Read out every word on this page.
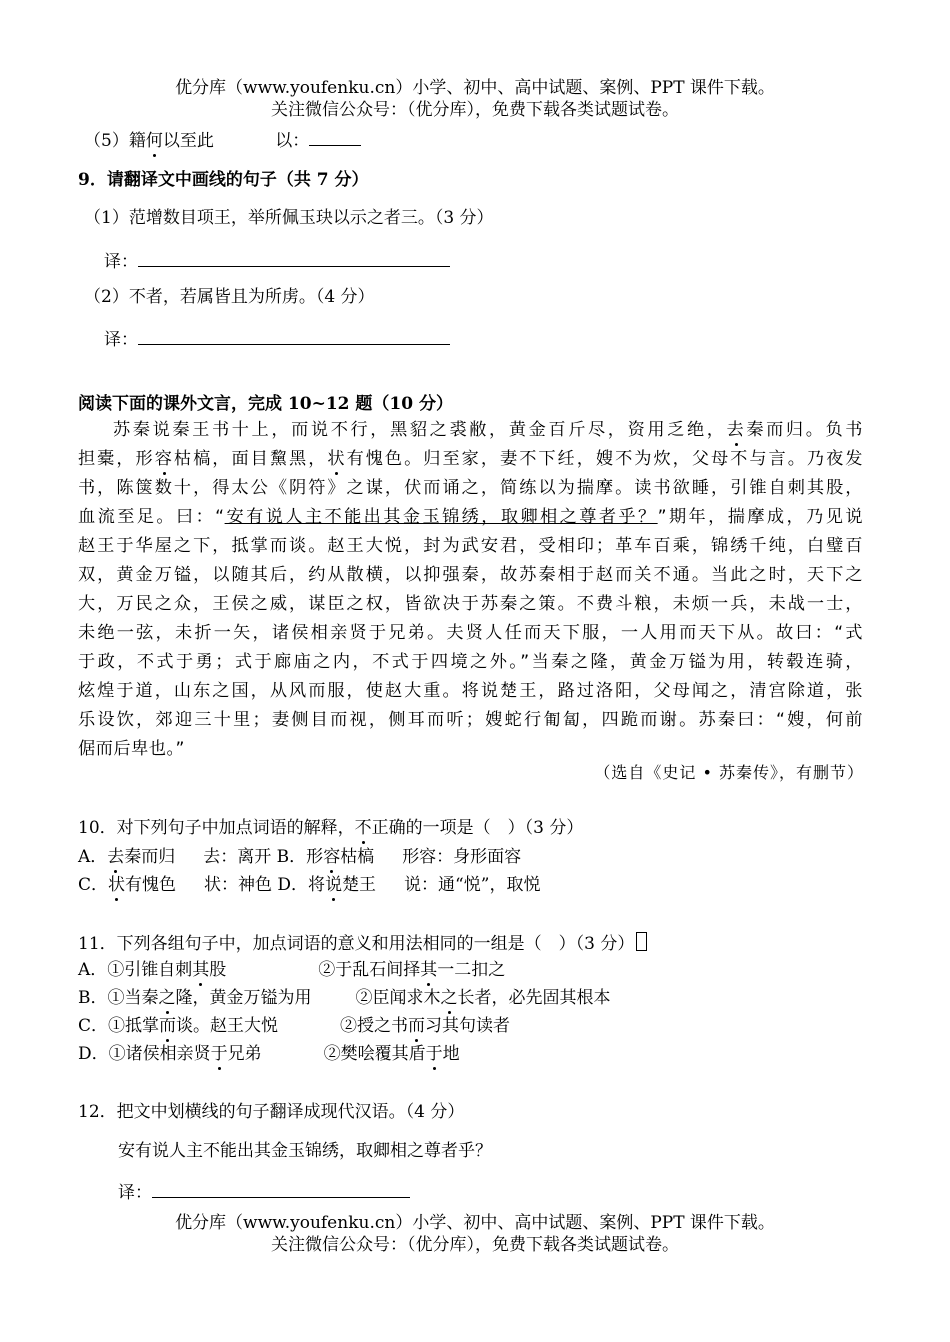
优分库（www.youfenku.cn）小学、初中、高中试题、案例、PPT 课件下载。
关注微信公众号：（优分库），免费下载各类试题试卷。
（5）籍何以至此	以：
9．请翻译文中画线的句子（共 7 分）
（1）范增数目项王，举所佩玉玦以示之者三。（3 分）
译：
（2）不者，若属皆且为所虏。（4 分）
译：
阅读下面的课外文言，完成 10~12 题（10 分）
苏秦说秦王书十上，而说不行，黑貂之裘敝，黄金百斤尽，资用乏绝，去秦而归。负书
担橐，形容枯槁，面目黧黑，状有愧色。归至家，妻不下纴，嫂不为炊，父母不与言。乃夜发
书，陈箧数十，得太公《阴符》之谋，伏而诵之，简练以为揣摩。读书欲睡，引锥自刺其股，
血流至足。曰：“安有说人主不能出其金玉锦绣，取卿相之尊者乎？”期年，揣摩成，乃见说
赵王于华屋之下，抵掌而谈。赵王大悦，封为武安君，受相印；革车百乘，锦绣千纯，白璧百
双，黄金万镒，以随其后，约从散横，以抑强秦，故苏秦相于赵而关不通。当此之时，天下之
大，万民之众，王侯之威，谋臣之权，皆欲决于苏秦之策。不费斗粮，未烦一兵，未战一士，
未绝一弦，未折一矢，诸侯相亲贤于兄弟。夫贤人任而天下服，一人用而天下从。故曰：“式
于政，不式于勇；式于廊庙之内，不式于四境之外。”当秦之隆，黄金万镒为用，转毂连骑，
炫煌于道，山东之国，从风而服，使赵大重。将说楚王，路过洛阳，父母闻之，清宫除道，张
乐设饮，郊迎三十里；妻侧目而视，侧耳而听；嫂蛇行匍匐，四跪而谢。苏秦曰：“嫂，何前
倨而后卑也。”
（选自《史记 • 苏秦传》，有删节）
10．对下列句子中加点词语的解释，不正确的一项是（　）（3 分）
A．去秦而归 去：离开 B．形容枯槁 形容：身形面容
C．状有愧色 状：神色 D．将说楚王 说：通“悦”，取悦
11．下列各组句子中，加点词语的意义和用法相同的一组是（　）（3 分）
A．①引锥自刺其股	②于乱石间择其一二扣之
B．①当秦之隆，黄金万镒为用	②臣闻求木之长者，必先固其根本
C．①抵掌而谈。赵王大悦	②授之书而习其句读者
D．①诸侯相亲贤于兄弟	②樊哙覆其盾于地
12．把文中划横线的句子翻译成现代汉语。（4 分）
安有说人主不能出其金玉锦绣，取卿相之尊者乎？
译：
优分库（www.youfenku.cn）小学、初中、高中试题、案例、PPT 课件下载。
关注微信公众号：（优分库），免费下载各类试题试卷。
